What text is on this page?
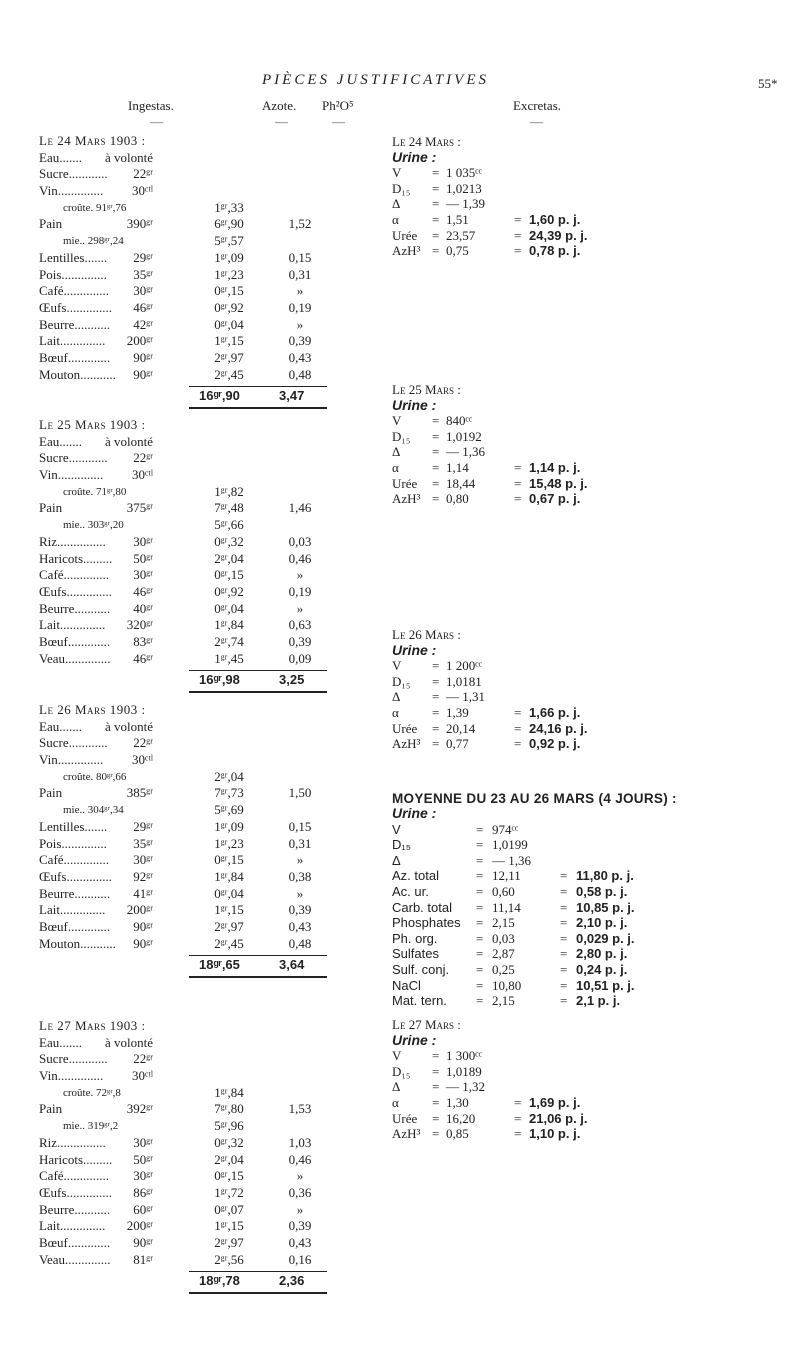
PIÈCES JUSTIFICATIVES	55*
Ingestas.
—
Azote.
—
Ph²O⁵
—
Excretas.
—
Le 24 Mars 1903 :
Eau.......	à volonté
Sucre............	22ᵍʳ
Vin..............	30ᶜᵗˡ
croûte. 91ᵍʳ,76	1ᵍʳ,33
Pain	390ᵍʳ	6ᵍʳ,90	1,52
mie.. 298ᵍʳ,24	5ᵍʳ,57
Lentilles.......	29ᵍʳ	1ᵍʳ,09	0,15
Pois..............	35ᵍʳ	1ᵍʳ,23	0,31
Café..............	30ᵍʳ	0ᵍʳ,15	»
Œufs..............	46ᵍʳ	0ᵍʳ,92	0,19
Beurre...........	42ᵍʳ	0ᵍʳ,04	»
Lait..............	200ᵍʳ	1ᵍʳ,15	0,39
Bœuf.............	90ᵍʳ	2ᵍʳ,97	0,43
Mouton...........	90ᵍʳ	2ᵍʳ,45	0,48
16ᵍʳ,90	3,47
Le 25 Mars 1903 :
Eau.......	à volonté
Sucre............	22ᵍʳ
Vin..............	30ᶜᵗˡ
croûte. 71ᵍʳ,80	1ᵍʳ,82
Pain	375ᵍʳ	7ᵍʳ,48	1,46
mie.. 303ᵍʳ,20	5ᵍʳ,66
Riz...............	30ᵍʳ	0ᵍʳ,32	0,03
Haricots.........	50ᵍʳ	2ᵍʳ,04	0,46
Café..............	30ᵍʳ	0ᵍʳ,15	»
Œufs..............	46ᵍʳ	0ᵍʳ,92	0,19
Beurre...........	40ᵍʳ	0ᵍʳ,04	»
Lait..............	320ᵍʳ	1ᵍʳ,84	0,63
Bœuf.............	83ᵍʳ	2ᵍʳ,74	0,39
Veau..............	46ᵍʳ	1ᵍʳ,45	0,09
16ᵍʳ,98	3,25
Le 26 Mars 1903 :
Eau.......	à volonté
Sucre............	22ᵍʳ
Vin..............	30ᶜᵗˡ
croûte. 80ᵍʳ,66	2ᵍʳ,04
Pain	385ᵍʳ	7ᵍʳ,73	1,50
mie.. 304ᵍʳ,34	5ᵍʳ,69
Lentilles.......	29ᵍʳ	1ᵍʳ,09	0,15
Pois..............	35ᵍʳ	1ᵍʳ,23	0,31
Café..............	30ᵍʳ	0ᵍʳ,15	»
Œufs..............	92ᵍʳ	1ᵍʳ,84	0,38
Beurre...........	41ᵍʳ	0ᵍʳ,04	»
Lait..............	200ᵍʳ	1ᵍʳ,15	0,39
Bœuf.............	90ᵍʳ	2ᵍʳ,97	0,43
Mouton...........	90ᵍʳ	2ᵍʳ,45	0,48
18ᵍʳ,65	3,64
Le 27 Mars 1903 :
Eau.......	à volonté
Sucre............	22ᵍʳ
Vin..............	30ᶜᵗˡ
croûte. 72ᵍʳ,8	1ᵍʳ,84
Pain	392ᵍʳ	7ᵍʳ,80	1,53
mie.. 319ᵍʳ,2	5ᵍʳ,96
Riz...............	30ᵍʳ	0ᵍʳ,32	1,03
Haricots.........	50ᵍʳ	2ᵍʳ,04	0,46
Café..............	30ᵍʳ	0ᵍʳ,15	»
Œufs..............	86ᵍʳ	1ᵍʳ,72	0,36
Beurre...........	60ᵍʳ	0ᵍʳ,07	»
Lait..............	200ᵍʳ	1ᵍʳ,15	0,39
Bœuf.............	90ᵍʳ	2ᵍʳ,97	0,43
Veau..............	81ᵍʳ	2ᵍʳ,56	0,16
18ᵍʳ,78	2,36
Le 24 Mars :
Urine :
V = 1 035ᶜᶜ
D₁₅ = 1,0213
Δ = — 1,39
α	= 1,51	= 1,60 p. j.
Urée = 23,57	= 24,39 p. j.
AzH³ = 0,75	= 0,78 p. j.
Le 25 Mars :
Urine :
V = 840ᶜᶜ
D₁₅ = 1,0192
Δ = — 1,36
α	= 1,14	= 1,14 p. j.
Urée = 18,44	= 15,48 p. j.
AzH³ = 0,80	= 0,67 p. j.
Le 26 Mars :
Urine :
V = 1 200ᶜᶜ
D₁₅ = 1,0181
Δ = — 1,31
α	= 1,39	= 1,66 p. j.
Urée = 20,14	= 24,16 p. j.
AzH³ = 0,77	= 0,92 p. j.
Le 27 Mars :
Urine :
V = 1 300ᶜᶜ
D₁₅ = 1,0189
Δ = — 1,32
α	= 1,30	= 1,69 p. j.
Urée = 16,20	= 21,06 p. j.
AzH³ = 0,85	= 1,10 p. j.
MOYENNE DU 23 AU 26 MARS (4 JOURS) :
Urine :
V	= 974ᶜᶜ
D₁₅	= 1,0199
Δ	= — 1,36
Az. total	= 12,11	= 11,80 p. j.
Ac. ur.	= 0,60	= 0,58 p. j.
Carb. total = 11,14	= 10,85 p. j.
Phosphates = 2,15	= 2,10 p. j.
Ph. org.	= 0,03	= 0,029 p. j.
Sulfates	= 2,87	= 2,80 p. j.
Sulf. conj. = 0,25	= 0,24 p. j.
NaCl	= 10,80	= 10,51 p. j.
Mat. tern. = 2,15	= 2,1 p. j.
